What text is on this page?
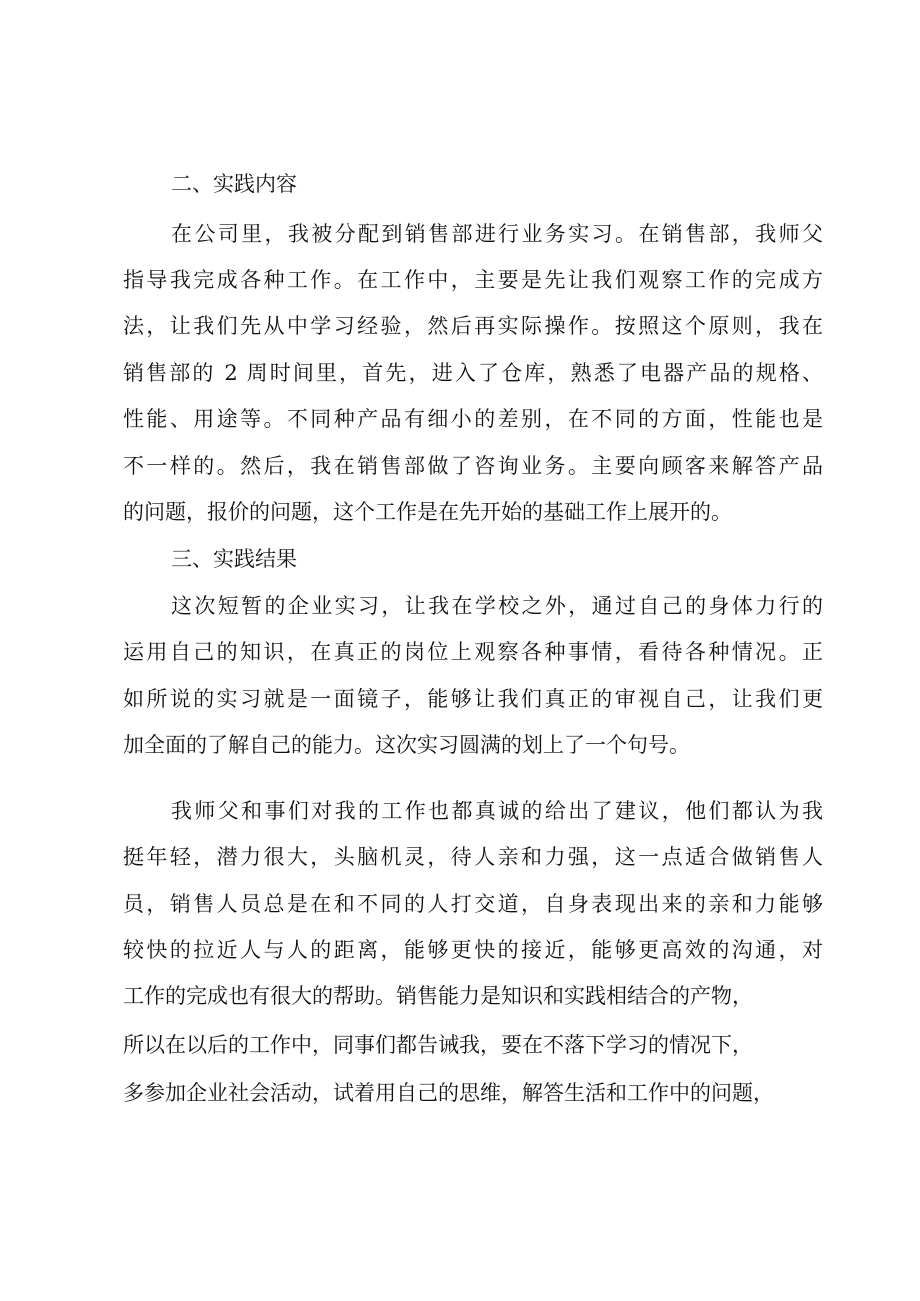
二、实践内容
在公司里，我被分配到销售部进行业务实习。在销售部，我师父
指导我完成各种工作。在工作中，主要是先让我们观察工作的完成方
法，让我们先从中学习经验，然后再实际操作。按照这个原则，我在
销售部的 2 周时间里，首先，进入了仓库，熟悉了电器产品的规格、
性能、用途等。不同种产品有细小的差别，在不同的方面，性能也是
不一样的。然后，我在销售部做了咨询业务。主要向顾客来解答产品
的问题，报价的问题，这个工作是在先开始的基础工作上展开的。
三、实践结果
这次短暂的企业实习，让我在学校之外，通过自己的身体力行的
运用自己的知识，在真正的岗位上观察各种事情，看待各种情况。正
如所说的实习就是一面镜子，能够让我们真正的审视自己，让我们更
加全面的了解自己的能力。这次实习圆满的划上了一个句号。
我师父和事们对我的工作也都真诚的给出了建议，他们都认为我
挺年轻，潜力很大，头脑机灵，待人亲和力强，这一点适合做销售人
员，销售人员总是在和不同的人打交道，自身表现出来的亲和力能够
较快的拉近人与人的距离，能够更快的接近，能够更高效的沟通，对
工作的完成也有很大的帮助。销售能力是知识和实践相结合的产物，
所以在以后的工作中，同事们都告诫我，要在不落下学习的情况下，
多参加企业社会活动，试着用自己的思维，解答生活和工作中的问题，
